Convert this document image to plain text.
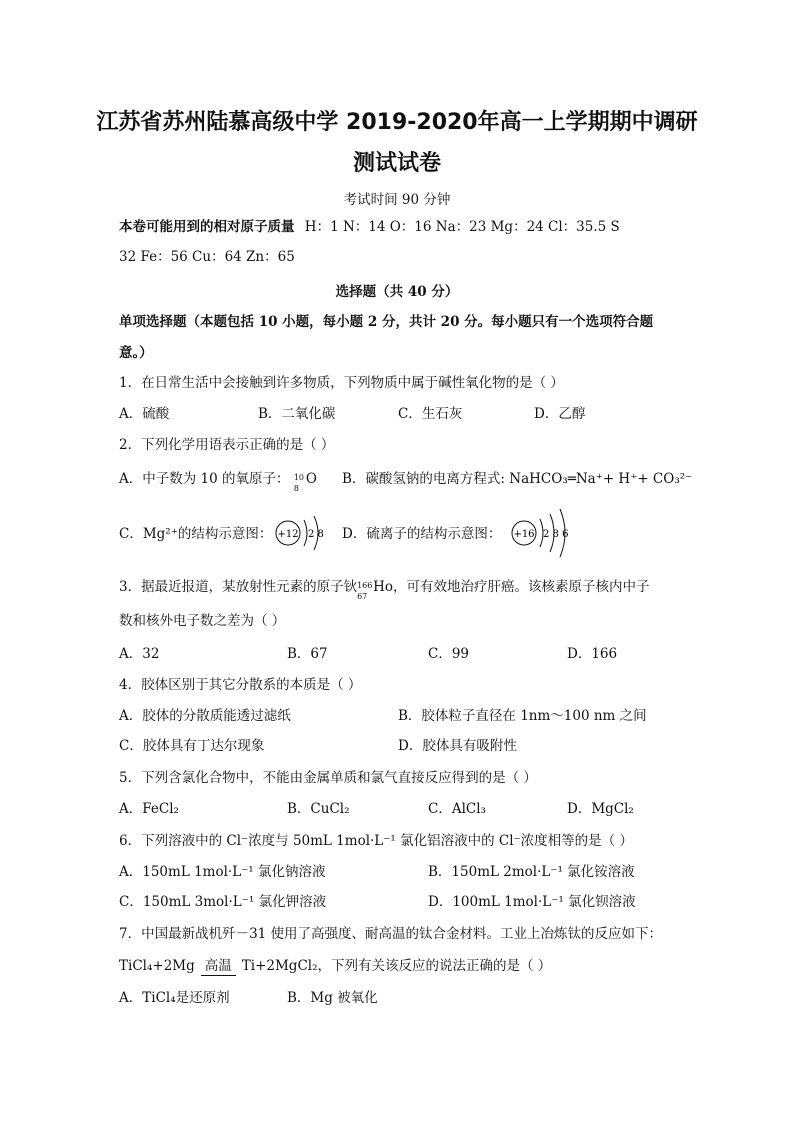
江苏省苏州陆慕高级中学 2019-2020年高一上学期期中调研
测试试卷
考试时间 90 分钟
本卷可能用到的相对原子质量 H：1 N：14 O：16 Na：23 Mg：24 Cl：35.5 S
32 Fe：56 Cu：64 Zn：65
选择题（共 40 分）
单项选择题（本题包括 10 小题，每小题 2 分，共计 20 分。每小题只有一个选项符合题
意。）
1．在日常生活中会接触到许多物质，下列物质中属于碱性氧化物的是（ ）
A．硫酸	B．二氧化碳	C．生石灰	D．乙醇
2．下列化学用语表示正确的是（ ）
A．中子数为 10 的氧原子： 10
8
O B．碳酸氢钠的电离方程式: NaHCO₃═Na⁺+ H⁺+ CO₃²⁻
C．Mg²⁺的结构示意图： +12 2 8 D．硫离子的结构示意图： +16 2 8 6
3．据最近报道，某放射性元素的原子钬 166
67
Ho，可有效地治疗肝癌。该核素原子核内中子
数和核外电子数之差为（ ）
A．32	B．67	C．99	D．166
4．胶体区别于其它分散系的本质是（ ）
A．胶体的分散质能透过滤纸	B．胶体粒子直径在 1nm～100 nm 之间
C．胶体具有丁达尔现象	D．胶体具有吸附性
5．下列含氯化合物中，不能由金属单质和氯气直接反应得到的是（ ）
A．FeCl₂	B．CuCl₂	C．AlCl₃	D．MgCl₂
6．下列溶液中的 Cl⁻浓度与 50mL 1mol·L⁻¹ 氯化铝溶液中的 Cl⁻浓度相等的是（ ）
A．150mL 1mol·L⁻¹ 氯化钠溶液	B．150mL 2mol·L⁻¹ 氯化铵溶液
C．150mL 3mol·L⁻¹ 氯化钾溶液	D．100mL 1mol·L⁻¹ 氯化钡溶液
7．中国最新战机歼－31 使用了高强度、耐高温的钛合金材料。工业上冶炼钛的反应如下：
TiCl₄+2Mg 高温 Ti+2MgCl₂，下列有关该反应的说法正确的是（ ）
A．TiCl₄是还原剂	B．Mg 被氧化
